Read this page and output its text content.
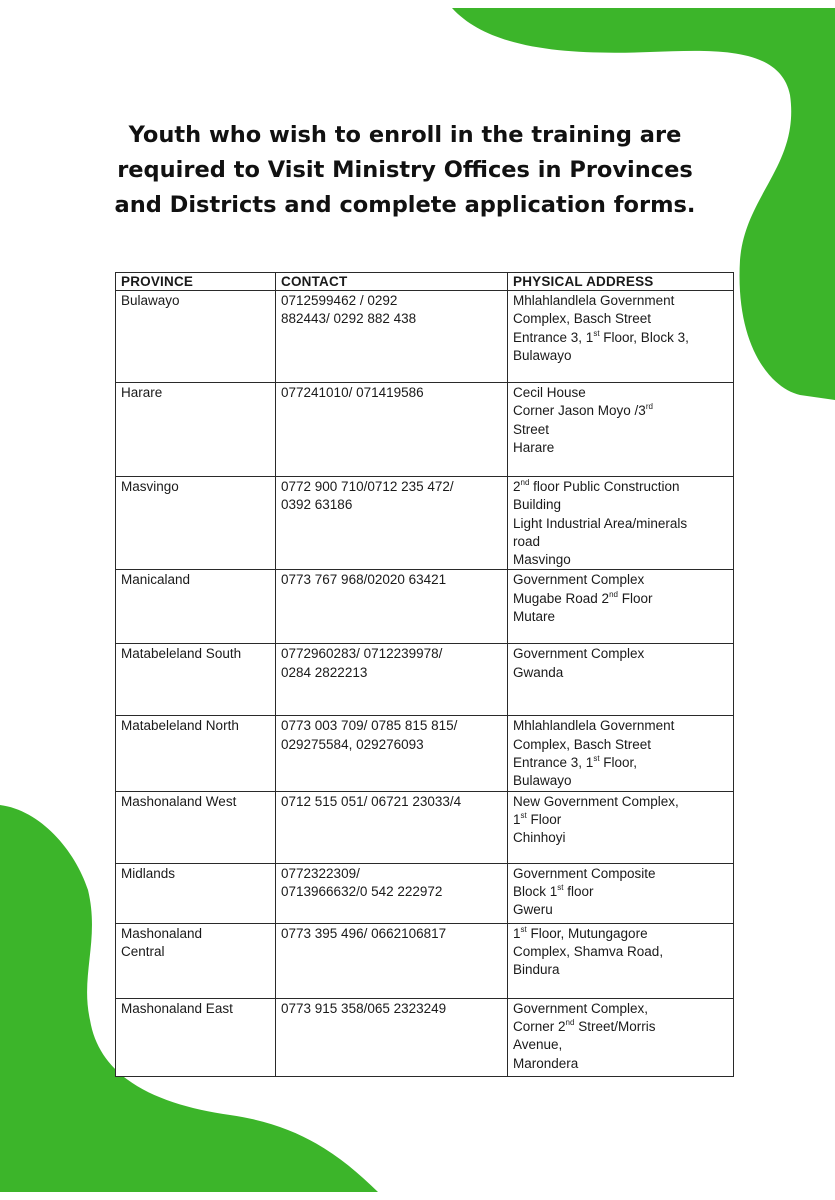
Youth who wish to enroll in the training are
required to Visit Ministry Offices in Provinces
and Districts and complete application forms.
PROVINCE	CONTACT	PHYSICAL ADDRESS

Bulawayo	0712599462 / 0292
882443/ 0292 882 438	Mhlahlandlela Government
Complex, Basch Street
Entrance 3, 1st Floor, Block 3,
Bulawayo

Harare	077241010/ 071419586	Cecil House
Corner Jason Moyo /3rd
Street
Harare

Masvingo	0772 900 710/0712 235 472/
0392 63186	2nd floor Public Construction
Building
Light Industrial Area/minerals
road
Masvingo

Manicaland	0773 767 968/02020 63421	Government Complex
Mugabe Road 2nd Floor
Mutare

Matabeleland South	0772960283/ 0712239978/
0284 2822213	Government Complex
Gwanda

Matabeleland North	0773 003 709/ 0785 815 815/
029275584, 029276093	Mhlahlandlela Government
Complex, Basch Street
Entrance 3, 1st Floor,
Bulawayo

Mashonaland West	0712 515 051/ 06721 23033/4	New Government Complex,
1st Floor
Chinhoyi

Midlands	0772322309/
0713966632/0 542 222972	Government Composite
Block 1st floor
Gweru

Mashonaland
Central	0773 395 496/ 0662106817	1st Floor, Mutungagore
Complex, Shamva Road,
Bindura

Mashonaland East	0773 915 358/065 2323249	Government Complex,
Corner 2nd Street/Morris
Avenue,
Marondera
